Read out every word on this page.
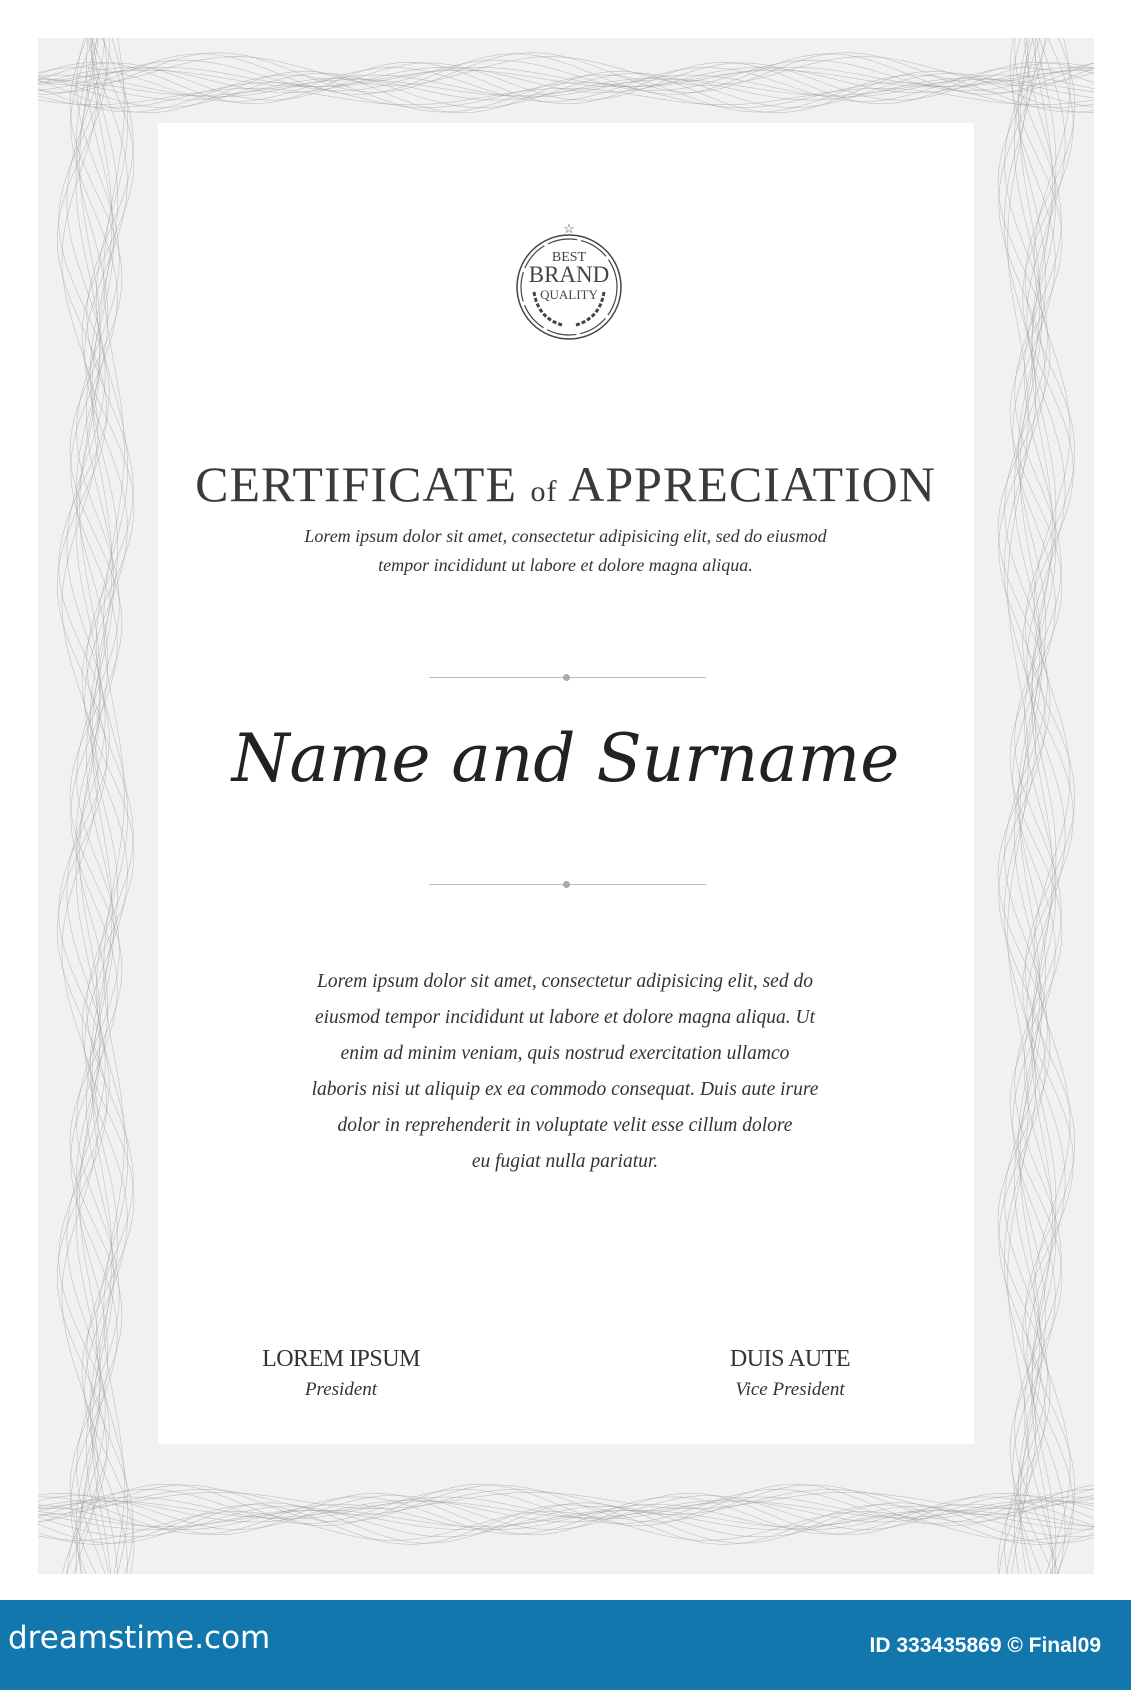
☆
BEST
BRAND
QUALITY
CERTIFICATE of APPRECIATION
Lorem ipsum dolor sit amet, consectetur adipisicing elit, sed do eiusmod
tempor incididunt ut labore et dolore magna aliqua.
Name and Surname
Lorem ipsum dolor sit amet, consectetur adipisicing elit, sed do
eiusmod tempor incididunt ut labore et dolore magna aliqua. Ut
enim ad minim veniam, quis nostrud exercitation ullamco
laboris nisi ut aliquip ex ea commodo consequat. Duis aute irure
dolor in reprehenderit in voluptate velit esse cillum dolore
eu fugiat nulla pariatur.
LOREM IPSUM
President
DUIS AUTE
Vice President
dreamstime.com	ID 333435869 © Final09
